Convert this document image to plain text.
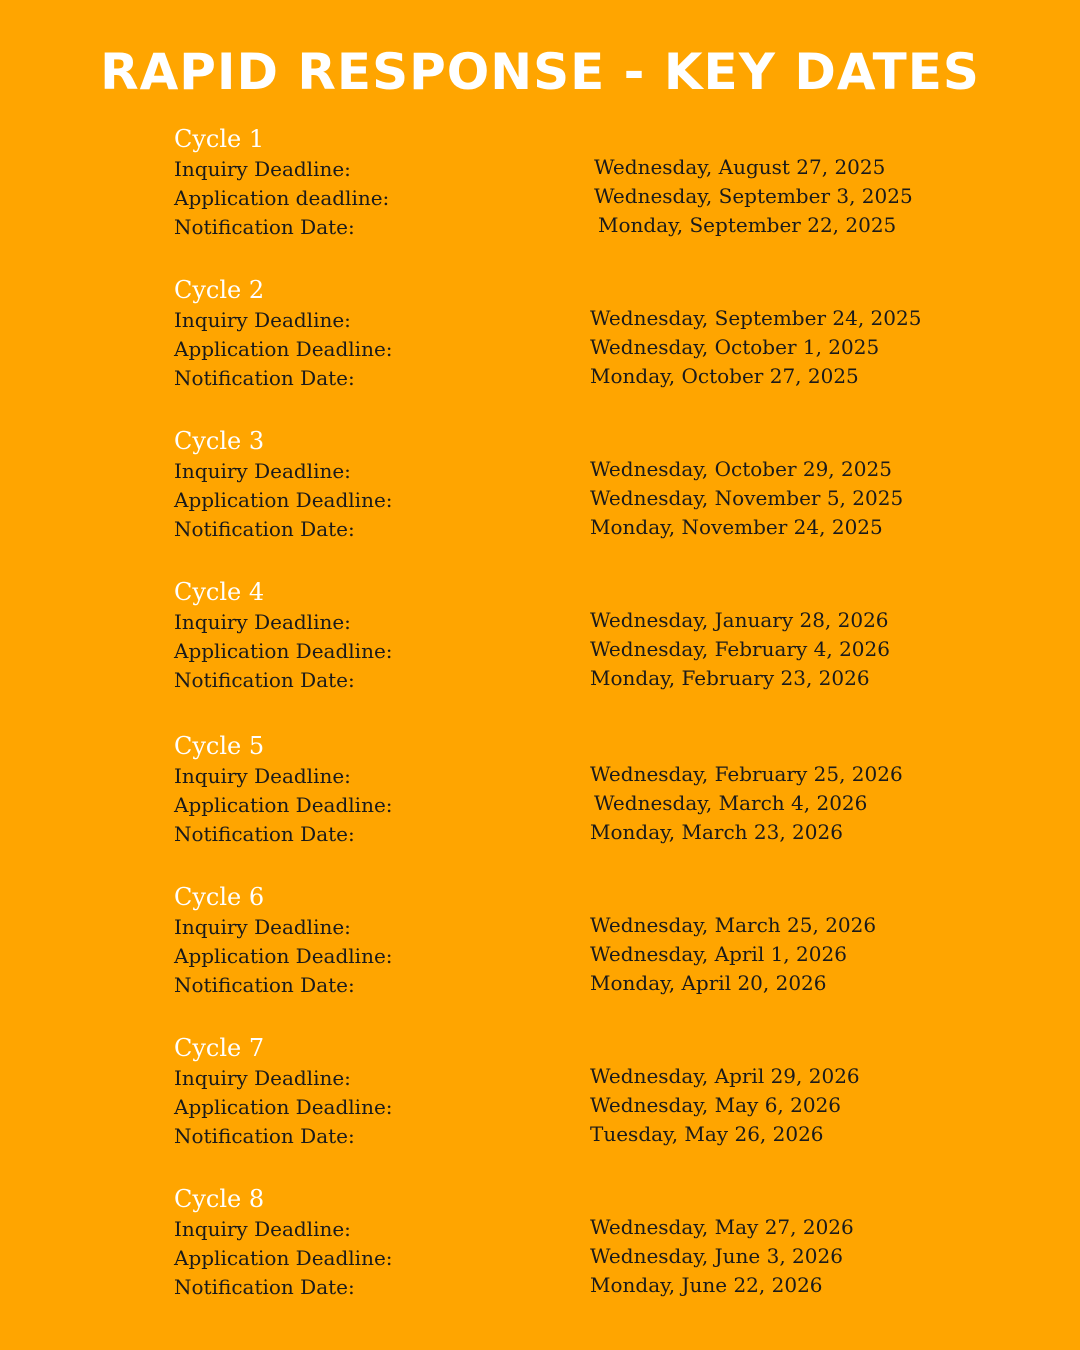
RAPID RESPONSE - KEY DATES
Cycle 1
Inquiry Deadline:	Wednesday, August 27, 2025
Application deadline:	Wednesday, September 3, 2025
Notification Date:	Monday, September 22, 2025
Cycle 2
Inquiry Deadline:	Wednesday, September 24, 2025
Application Deadline:	Wednesday, October 1, 2025
Notification Date:	Monday, October 27, 2025
Cycle 3
Inquiry Deadline:	Wednesday, October 29, 2025
Application Deadline:	Wednesday, November 5, 2025
Notification Date:	Monday, November 24, 2025
Cycle 4
Inquiry Deadline:	Wednesday, January 28, 2026
Application Deadline:	Wednesday, February 4, 2026
Notification Date:	Monday, February 23, 2026
Cycle 5
Inquiry Deadline:	Wednesday, February 25, 2026
Application Deadline:	Wednesday, March 4, 2026
Notification Date:	Monday, March 23, 2026
Cycle 6
Inquiry Deadline:	Wednesday, March 25, 2026
Application Deadline:	Wednesday, April 1, 2026
Notification Date:	Monday, April 20, 2026
Cycle 7
Inquiry Deadline:	Wednesday, April 29, 2026
Application Deadline:	Wednesday, May 6, 2026
Notification Date:	Tuesday, May 26, 2026
Cycle 8
Inquiry Deadline:	Wednesday, May 27, 2026
Application Deadline:	Wednesday, June 3, 2026
Notification Date:	Monday, June 22, 2026
